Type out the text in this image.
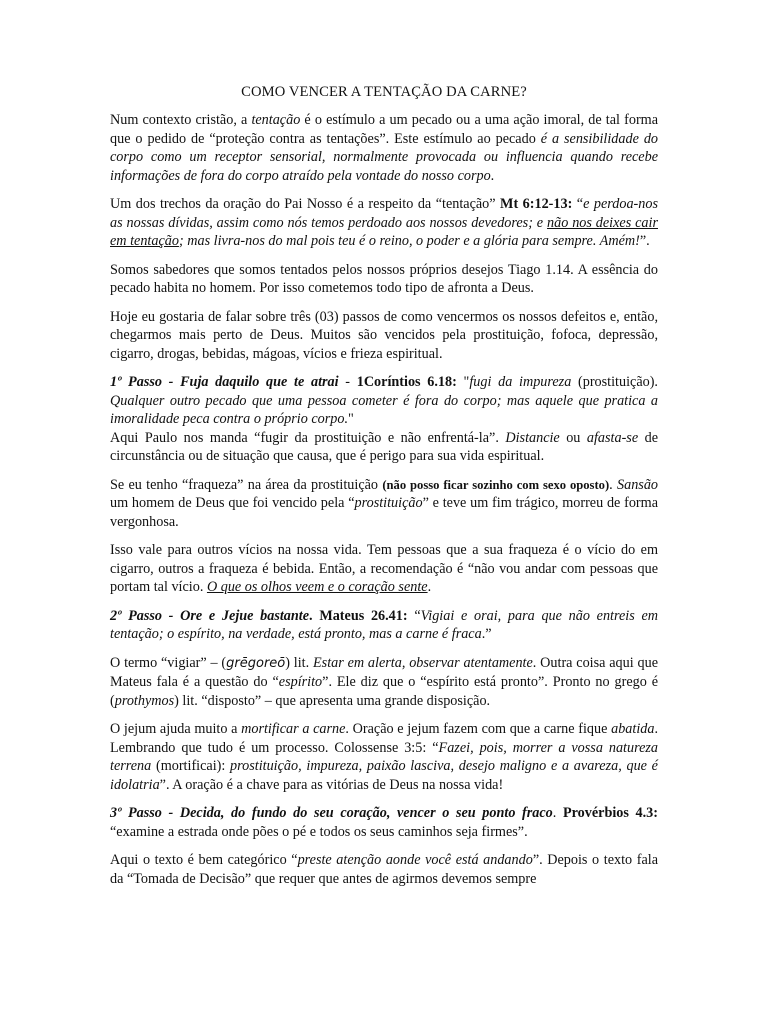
COMO VENCER A TENTAÇÃO DA CARNE?

Num contexto cristão, a tentação é o estímulo a um pecado ou a uma ação imoral, de tal forma que o pedido de “proteção contra as tentações”. Este estímulo ao pecado é a sensibilidade do corpo como um receptor sensorial, normalmente provocada ou influencia quando recebe informações de fora do corpo atraído pela vontade do nosso corpo.

Um dos trechos da oração do Pai Nosso é a respeito da “tentação” Mt 6:12-13: “e perdoa-nos as nossas dívidas, assim como nós temos perdoado aos nossos devedores; e não nos deixes cair em tentação; mas livra-nos do mal pois teu é o reino, o poder e a glória para sempre. Amém!”.

Somos sabedores que somos tentados pelos nossos próprios desejos Tiago 1.14. A essência do pecado habita no homem. Por isso cometemos todo tipo de afronta a Deus.

Hoje eu gostaria de falar sobre três (03) passos de como vencermos os nossos defeitos e, então, chegarmos mais perto de Deus. Muitos são vencidos pela prostituição, fofoca, depressão, cigarro, drogas, bebidas, mágoas, vícios e frieza espiritual.

1º Passo - Fuja daquilo que te atrai - 1Coríntios 6.18: "fugi da impureza (prostituição). Qualquer outro pecado que uma pessoa cometer é fora do corpo; mas aquele que pratica a imoralidade peca contra o próprio corpo."

Aqui Paulo nos manda “fugir da prostituição e não enfrentá-la”. Distancie ou afasta-se de circunstância ou de situação que causa, que é perigo para sua vida espiritual.

Se eu tenho “fraqueza” na área da prostituição (não posso ficar sozinho com sexo oposto). Sansão um homem de Deus que foi vencido pela “prostituição” e teve um fim trágico, morreu de forma vergonhosa.

Isso vale para outros vícios na nossa vida. Tem pessoas que a sua fraqueza é o vício do em cigarro, outros a fraqueza é bebida. Então, a recomendação é “não vou andar com pessoas que portam tal vício. O que os olhos veem e o coração sente.

2º Passo - Ore e Jejue bastante. Mateus 26.41: “Vigiai e orai, para que não entreis em tentação; o espírito, na verdade, está pronto, mas a carne é fraca.”

O termo “vigiar” – (grēgoreō) lit. Estar em alerta, observar atentamente. Outra coisa aqui que Mateus fala é a questão do “espírito”. Ele diz que o “espírito está pronto”. Pronto no grego é (prothymos) lit. “disposto” – que apresenta uma grande disposição.

O jejum ajuda muito a mortificar a carne. Oração e jejum fazem com que a carne fique abatida. Lembrando que tudo é um processo. Colossense 3:5: “Fazei, pois, morrer a vossa natureza terrena (mortificai): prostituição, impureza, paixão lasciva, desejo maligno e a avareza, que é idolatria”. A oração é a chave para as vitórias de Deus na nossa vida!

3º Passo - Decida, do fundo do seu coração, vencer o seu ponto fraco. Provérbios 4.3: “examine a estrada onde pões o pé e todos os seus caminhos seja firmes”.

Aqui o texto é bem categórico “preste atenção aonde você está andando”. Depois o texto fala da “Tomada de Decisão” que requer que antes de agirmos devemos sempre
